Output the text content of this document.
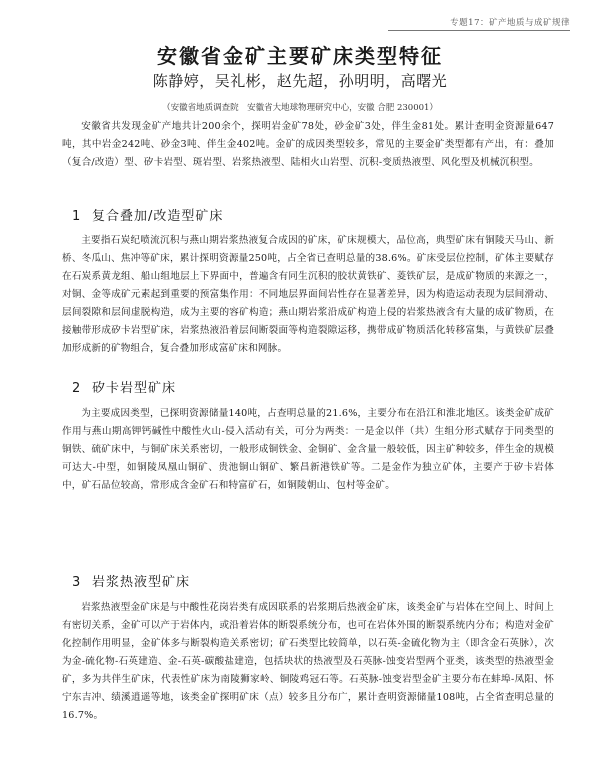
专题17：矿产地质与成矿规律
安徽省金矿主要矿床类型特征

陈静婷，吴礼彬，赵先超，孙明明，高曙光

（安徽省地质调查院　安徽省大地球物理研究中心，安徽 合肥 230001）

安徽省共发现金矿产地共计200余个，探明岩金矿78处，砂金矿3处，伴生金81处。累计查明金资源量647吨，其中岩金242吨、砂金3吨、伴生金402吨。金矿的成因类型较多，常见的主要金矿类型都有产出，有：叠加（复合/改造）型、矽卡岩型、斑岩型、岩浆热液型、陆相火山岩型、沉积-变质热液型、风化型及机械沉积型。

1 复合叠加/改造型矿床

主要指石炭纪喷流沉积与燕山期岩浆热液复合成因的矿床，矿床规模大，品位高，典型矿床有铜陵天马山、新桥、冬瓜山、焦冲等矿床，累计探明资源量250吨，占全省已查明总量的38.6%。矿床受层位控制，矿体主要赋存在石炭系黄龙组、船山组地层上下界面中，普遍含有同生沉积的胶状黄铁矿、菱铁矿层，是成矿物质的来源之一，对铜、金等成矿元素起到重要的预富集作用：不同地层界面间岩性存在显著差异，因为构造运动表现为层间滑动、层间裂隙和层间虚脱构造，成为主要的容矿构造；燕山期岩浆沿成矿构造上侵的岩浆热液含有大量的成矿物质，在接触带形成矽卡岩型矿床，岩浆热液沿着层间断裂面等构造裂隙运移，携带成矿物质活化转移富集，与黄铁矿层叠加形成新的矿物组合，复合叠加形成富矿床和网脉。

2 矽卡岩型矿床

为主要成因类型，已探明资源储量140吨，占查明总量的21.6%，主要分布在沿江和淮北地区。该类金矿成矿作用与燕山期高钾钙碱性中酸性火山-侵入活动有关，可分为两类：一是金以伴（共）生组分形式赋存于同类型的铜铁、硫矿床中，与铜矿床关系密切，一般形成铜铁金、金铜矿、金含量一般较低，因主矿种较多，伴生金的规模可达大-中型，如铜陵凤凰山铜矿、贵池铜山铜矿、繁昌新港铁矿等。二是金作为独立矿体，主要产于矽卡岩体中，矿石品位较高，常形成含金矿石和特富矿石，如铜陵朝山、包村等金矿。

3 岩浆热液型矿床

岩浆热液型金矿床是与中酸性花岗岩类有成因联系的岩浆期后热液金矿床，该类金矿与岩体在空间上、时间上有密切关系，金矿可以产于岩体内，或沿着岩体的断裂系统分布，也可在岩体外围的断裂系统内分布；构造对金矿化控制作用明显，金矿体多与断裂构造关系密切；矿石类型比较简单，以石英-金硫化物为主（即含金石英脉），次为金-硫化物-石英建造、金-石英-碳酸盐建造，包括块状的热液型及石英脉-蚀变岩型两个亚类，该类型的热液型金矿，多为共伴生矿床，代表性矿床为南陵狮家岭、铜陵鸡冠石等。石英脉-蚀变岩型金矿主要分布在蚌埠-凤阳、怀宁东吉冲、绩溪逍遥等地，该类金矿探明矿床（点）较多且分布广，累计查明资源储量108吨，占全省查明总量的16.7%。
